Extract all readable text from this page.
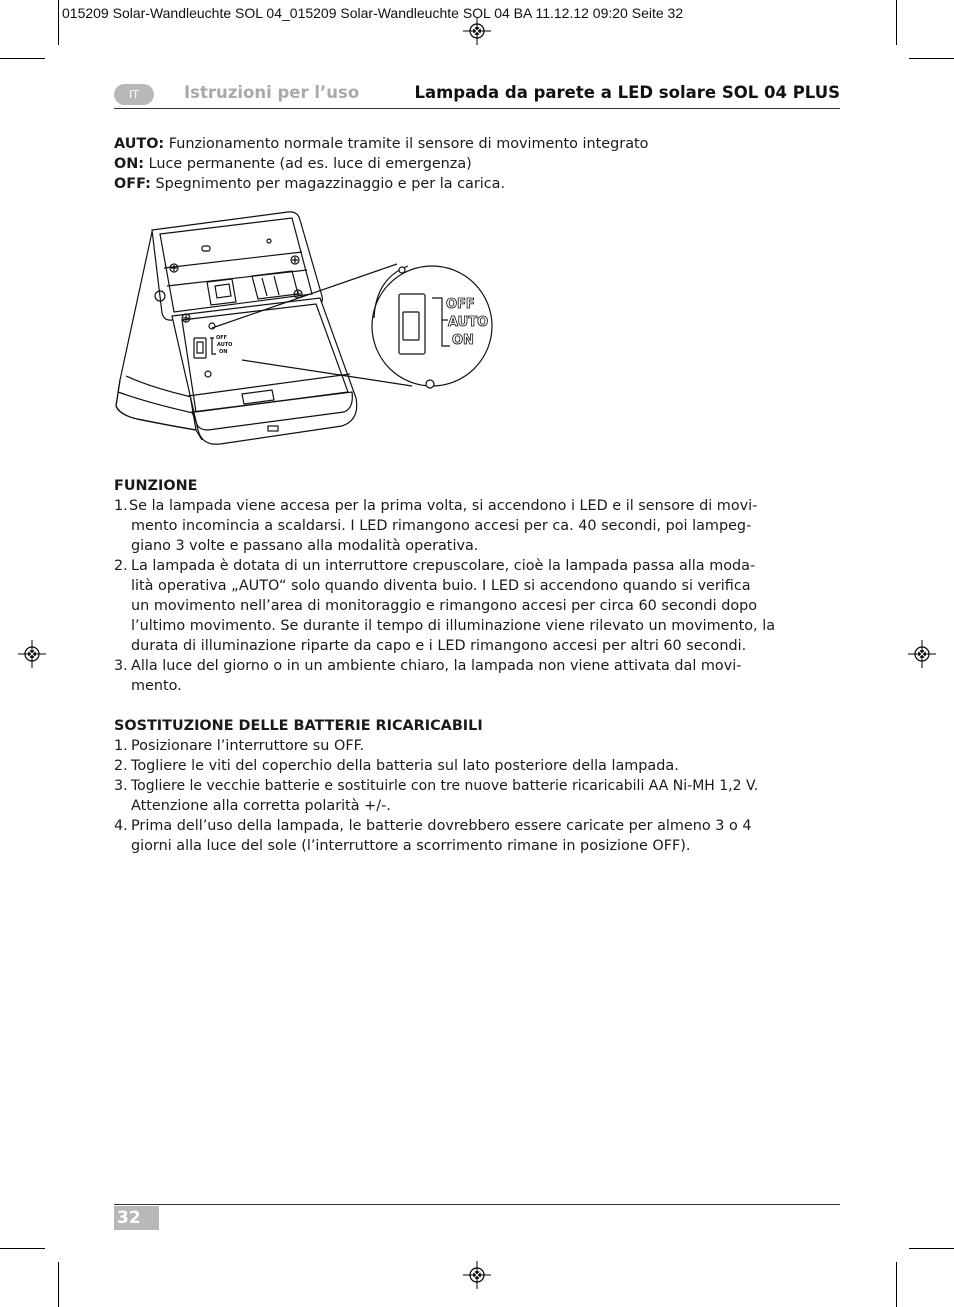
015209 Solar-Wandleuchte SOL 04_015209 Solar-Wandleuchte SOL 04 BA 11.12.12 09:20 Seite 32
IT	Istruzioni per l’uso	Lampada da parete a LED solare SOL 04 PLUS

AUTO: Funzionamento normale tramite il sensore di movimento integrato

ON: Luce permanente (ad es. luce di emergenza)

OFF: Spegnimento per magazzinaggio e per la carica.

OFF
AUTO
ON
OFF
AUTO
ON

FUNZIONE

1. Se la lampada viene accesa per la prima volta, si accendono i LED e il sensore di movi-
mento incomincia a scaldarsi. I LED rimangono accesi per ca. 40 secondi, poi lampeg-
giano 3 volte e passano alla modalità operativa.
2. La lampada è dotata di un interruttore crepuscolare, cioè la lampada passa alla moda-
lità operativa „AUTO“ solo quando diventa buio. I LED si accendono quando si verifica
un movimento nell’area di monitoraggio e rimangono accesi per circa 60 secondi dopo
l’ultimo movimento. Se durante il tempo di illuminazione viene rilevato un movimento, la
durata di illuminazione riparte da capo e i LED rimangono accesi per altri 60 secondi.
3. Alla luce del giorno o in un ambiente chiaro, la lampada non viene attivata dal movi-
mento.

SOSTITUZIONE DELLE BATTERIE RICARICABILI

1. Posizionare l’interruttore su OFF.
2. Togliere le viti del coperchio della batteria sul lato posteriore della lampada.
3. Togliere le vecchie batterie e sostituirle con tre nuove batterie ricaricabili AA Ni-MH 1,2 V.
Attenzione alla corretta polarità +/-.
4. Prima dell’uso della lampada, le batterie dovrebbero essere caricate per almeno 3 o 4
giorni alla luce del sole (l’interruttore a scorrimento rimane in posizione OFF).
32
